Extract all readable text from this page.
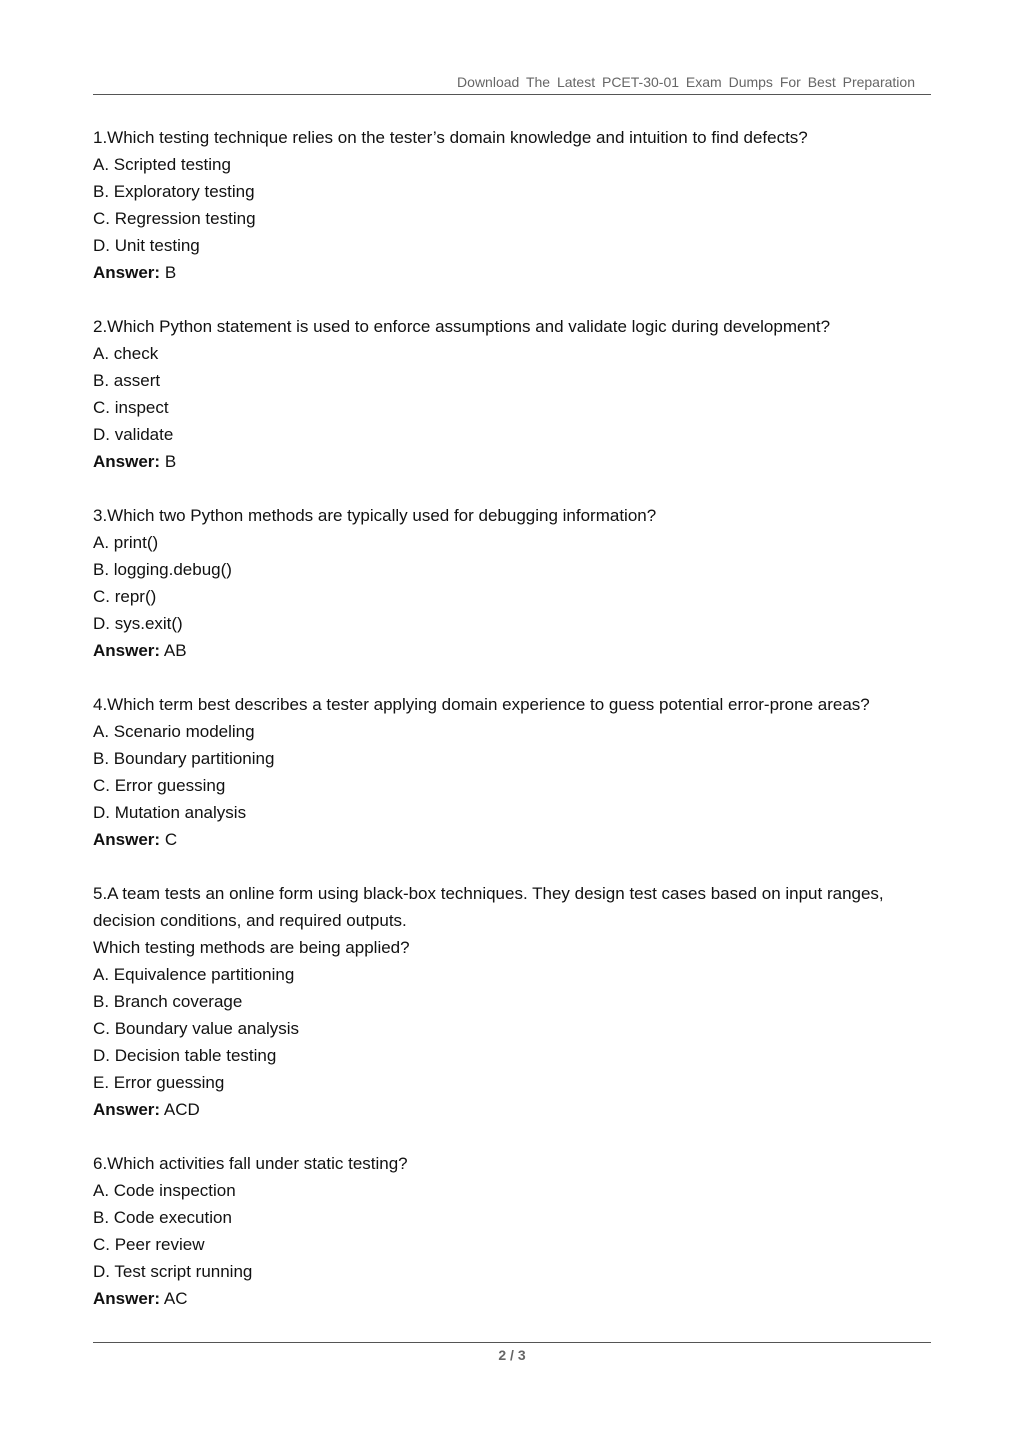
Download The Latest PCET-30-01 Exam Dumps For Best Preparation
1.Which testing technique relies on the tester’s domain knowledge and intuition to find defects?
A. Scripted testing
B. Exploratory testing
C. Regression testing
D. Unit testing
Answer: B
2.Which Python statement is used to enforce assumptions and validate logic during development?
A. check
B. assert
C. inspect
D. validate
Answer: B
3.Which two Python methods are typically used for debugging information?
A. print()
B. logging.debug()
C. repr()
D. sys.exit()
Answer: AB
4.Which term best describes a tester applying domain experience to guess potential error-prone areas?
A. Scenario modeling
B. Boundary partitioning
C. Error guessing
D. Mutation analysis
Answer: C
5.A team tests an online form using black-box techniques. They design test cases based on input ranges, decision conditions, and required outputs.
Which testing methods are being applied?
A. Equivalence partitioning
B. Branch coverage
C. Boundary value analysis
D. Decision table testing
E. Error guessing
Answer: ACD
6.Which activities fall under static testing?
A. Code inspection
B. Code execution
C. Peer review
D. Test script running
Answer: AC
2 / 3
